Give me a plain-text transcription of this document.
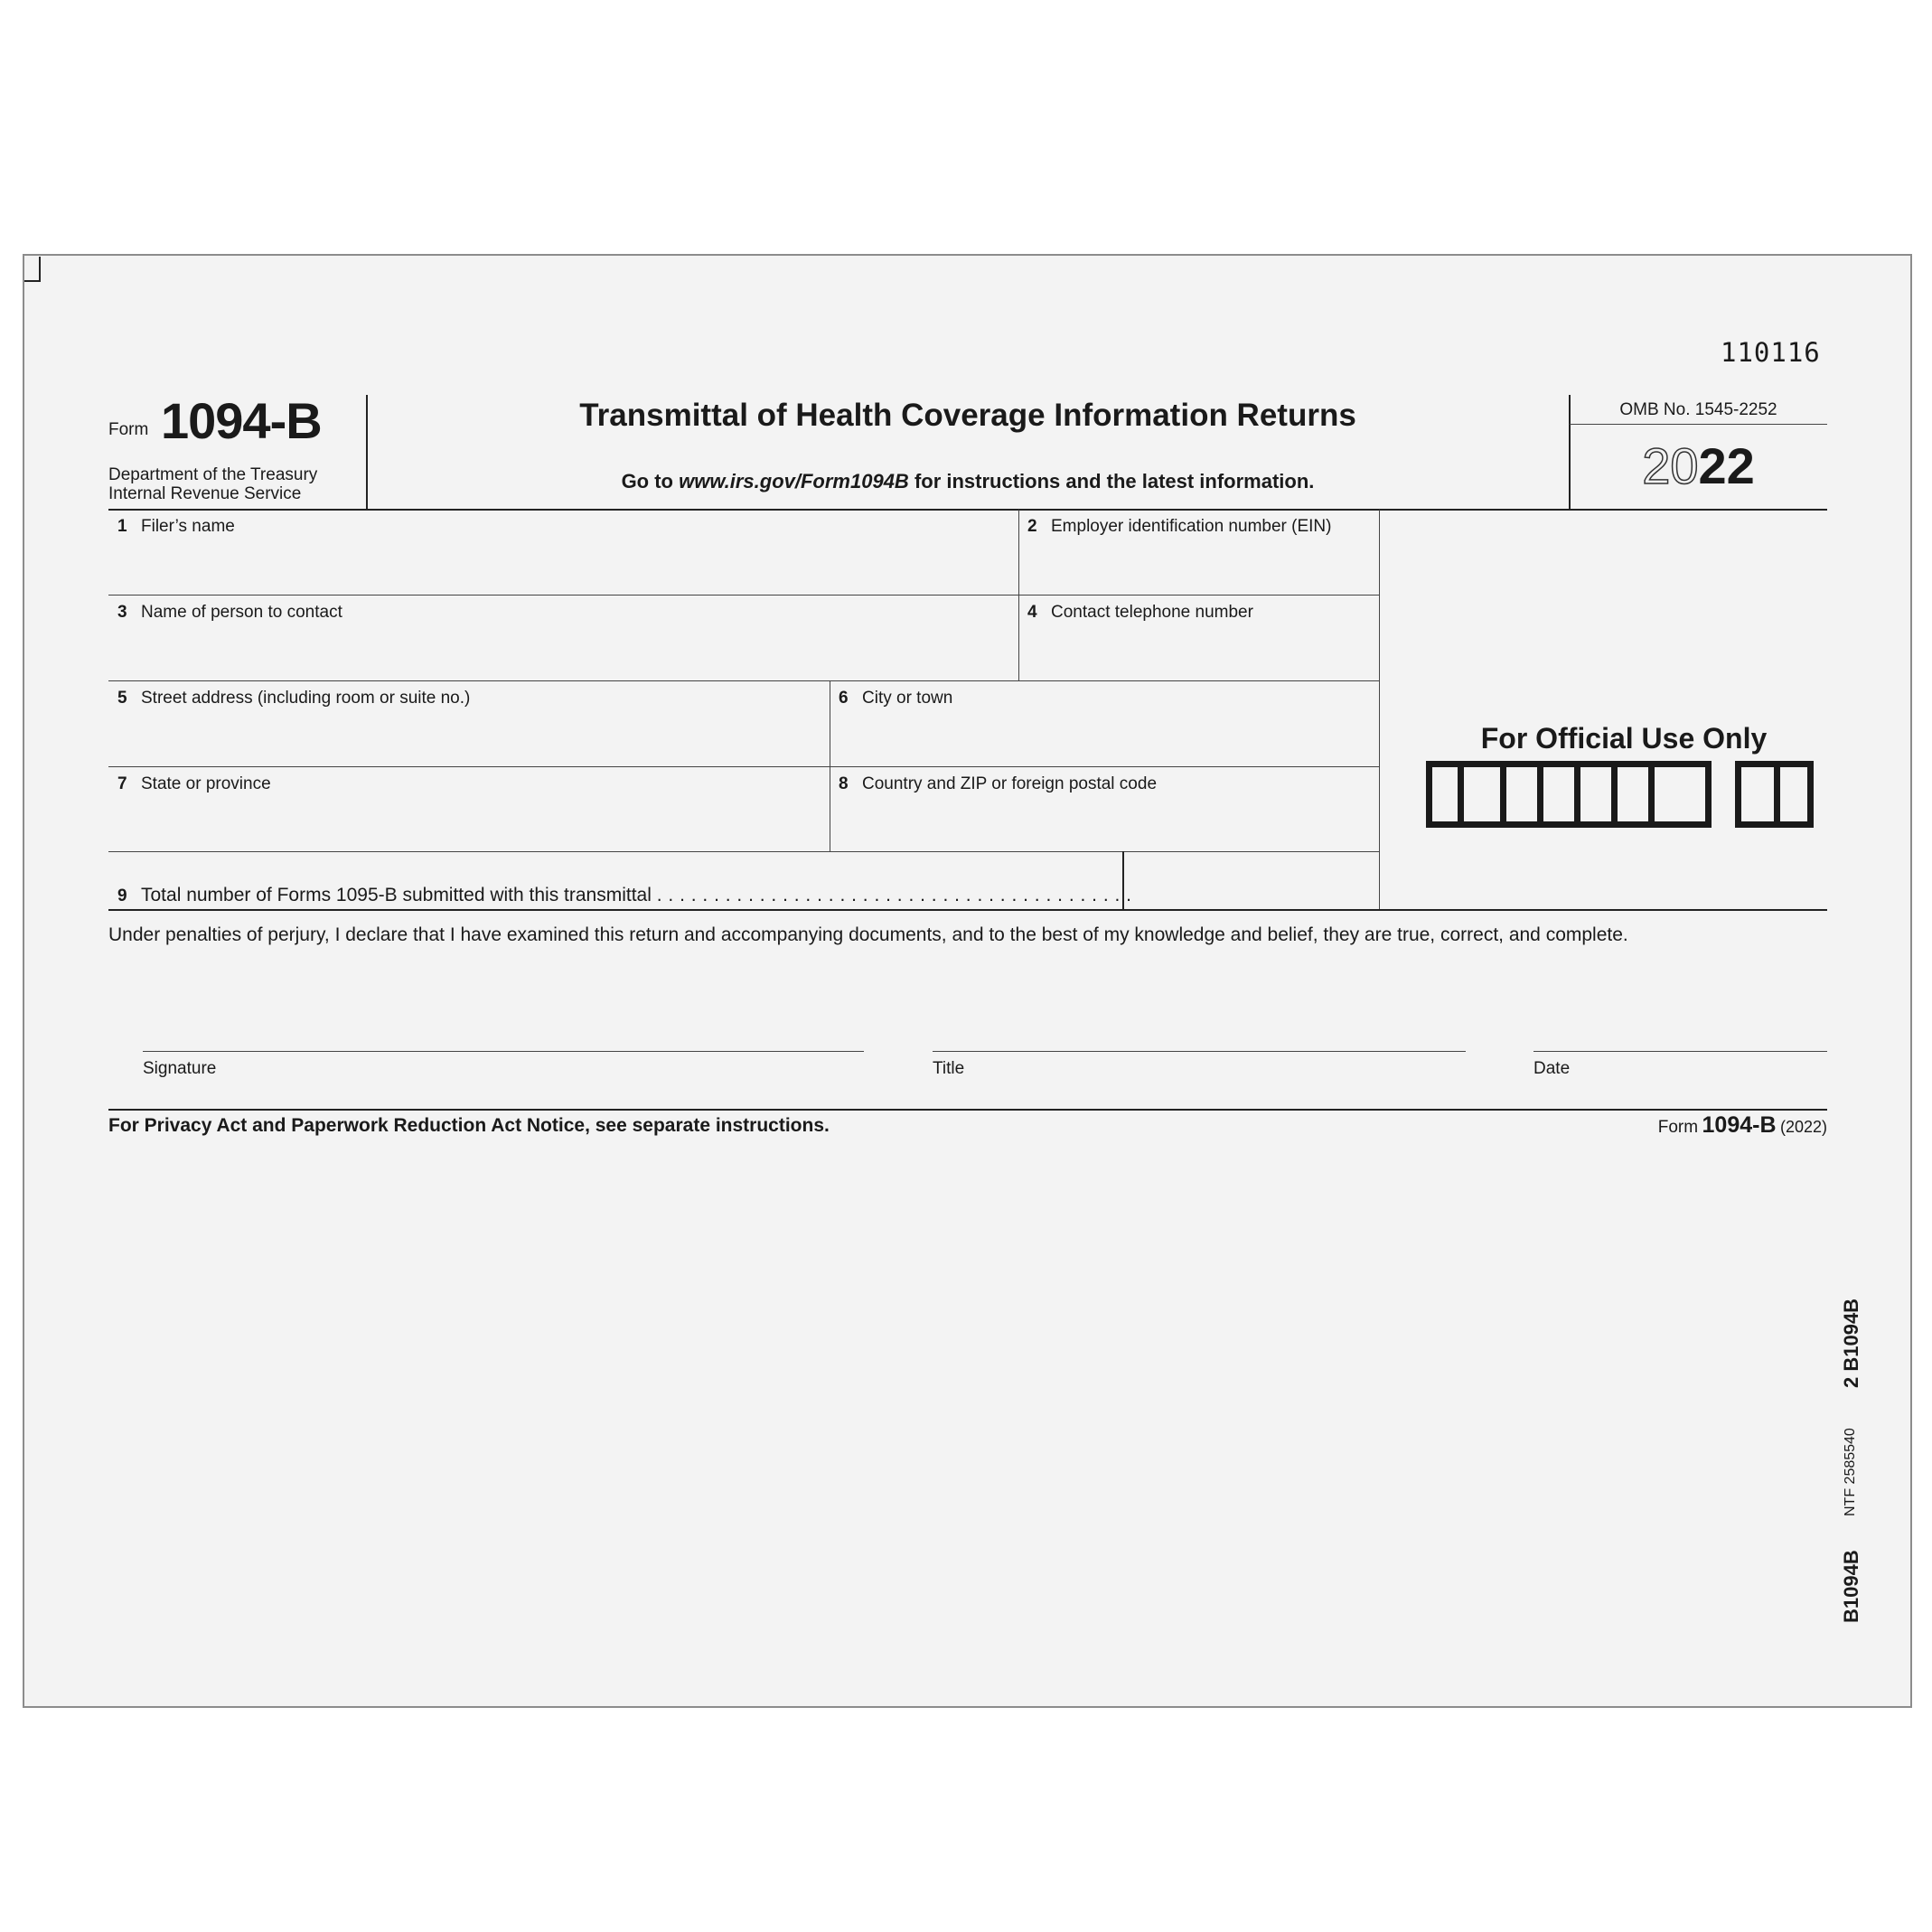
110116
Form 1094-B
Department of the Treasury
Internal Revenue Service
Transmittal of Health Coverage Information Returns
Go to www.irs.gov/Form1094B for instructions and the latest information.
OMB No. 1545-2252
2022
1 Filer’s name	2 Employer identification number (EIN)
3 Name of person to contact	4 Contact telephone number
5 Street address (including room or suite no.)	6 City or town
7 State or province	8 Country and ZIP or foreign postal code
9 Total number of Forms 1095-B submitted with this transmittal . . . . . . . . . . . . . . . . . . . . . . . . . . . . . . . . . . . . . . . . . .
For Official Use Only
Under penalties of perjury, I declare that I have examined this return and accompanying documents, and to the best of my knowledge and belief, they are true, correct, and complete.
Signature	Title	Date
For Privacy Act and Paperwork Reduction Act Notice, see separate instructions.	Form 1094-B (2022)
2 B1094B
NTF 2585540
B1094B
